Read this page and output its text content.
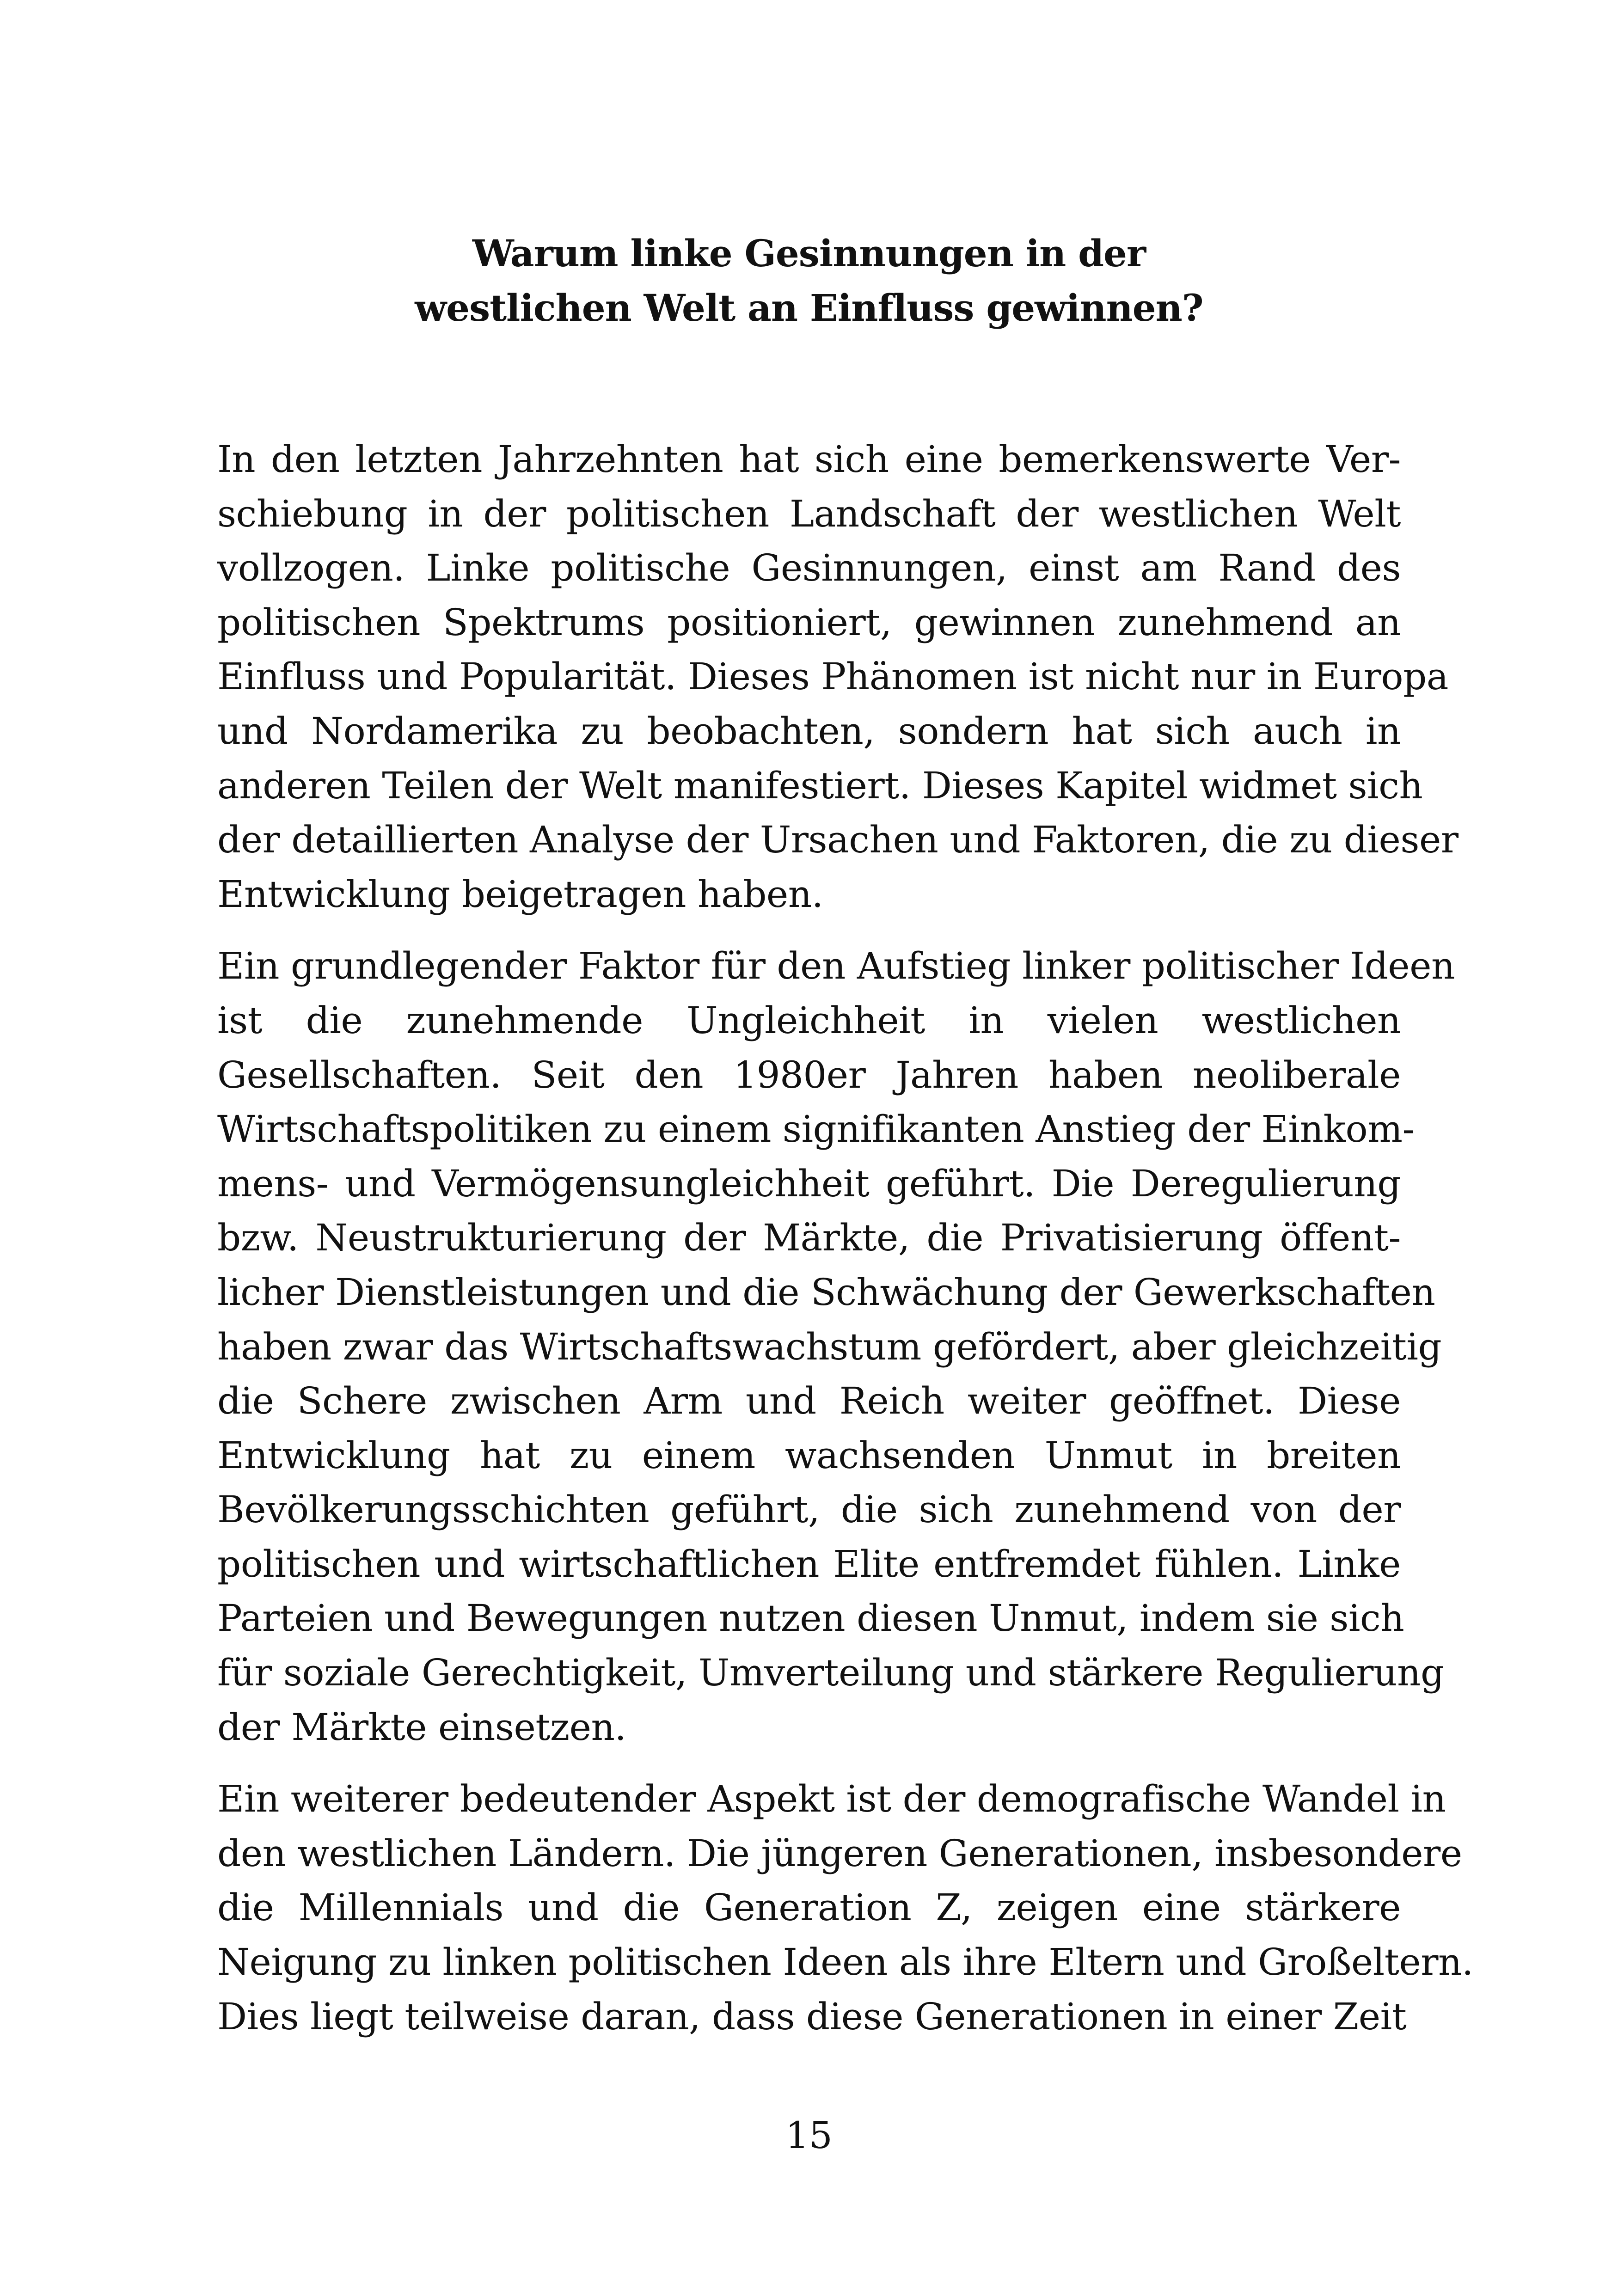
Warum linke Gesinnungen in der
westlichen Welt an Einfluss gewinnen?
In den letzten Jahrzehnten hat sich eine bemerkenswerte Ver-
schiebung in der politischen Landschaft der westlichen Welt
vollzogen. Linke politische Gesinnungen, einst am Rand des
politischen Spektrums positioniert, gewinnen zunehmend an
Einfluss und Popularität. Dieses Phänomen ist nicht nur in Europa
und Nordamerika zu beobachten, sondern hat sich auch in
anderen Teilen der Welt manifestiert. Dieses Kapitel widmet sich
der detaillierten Analyse der Ursachen und Faktoren, die zu dieser
Entwicklung beigetragen haben.
Ein grundlegender Faktor für den Aufstieg linker politischer Ideen
ist die zunehmende Ungleichheit in vielen westlichen
Gesellschaften. Seit den 1980er Jahren haben neoliberale
Wirtschaftspolitiken zu einem signifikanten Anstieg der Einkom-
mens- und Vermögensungleichheit geführt. Die Deregulierung
bzw. Neustrukturierung der Märkte, die Privatisierung öffent-
licher Dienstleistungen und die Schwächung der Gewerkschaften
haben zwar das Wirtschaftswachstum gefördert, aber gleichzeitig
die Schere zwischen Arm und Reich weiter geöffnet. Diese
Entwicklung hat zu einem wachsenden Unmut in breiten
Bevölkerungsschichten geführt, die sich zunehmend von der
politischen und wirtschaftlichen Elite entfremdet fühlen. Linke
Parteien und Bewegungen nutzen diesen Unmut, indem sie sich
für soziale Gerechtigkeit, Umverteilung und stärkere Regulierung
der Märkte einsetzen.
Ein weiterer bedeutender Aspekt ist der demografische Wandel in
den westlichen Ländern. Die jüngeren Generationen, insbesondere
die Millennials und die Generation Z, zeigen eine stärkere
Neigung zu linken politischen Ideen als ihre Eltern und Großeltern.
Dies liegt teilweise daran, dass diese Generationen in einer Zeit
15
